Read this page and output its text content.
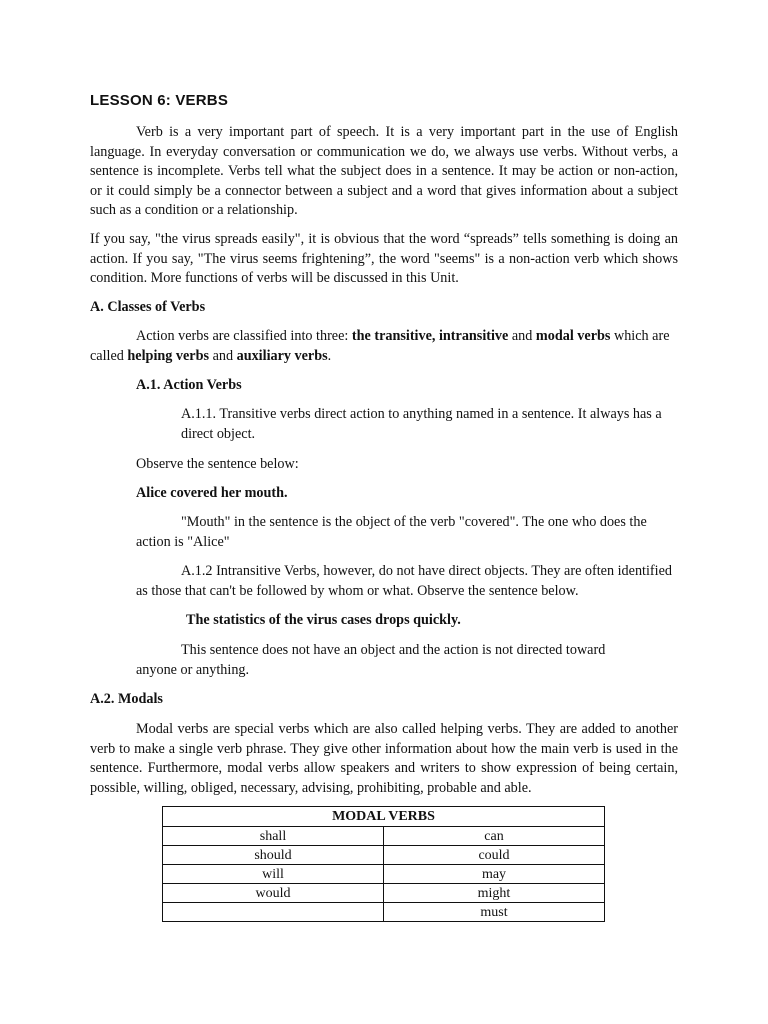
LESSON 6: VERBS

Verb is a very important part of speech. It is a very important part in the use of English language. In everyday conversation or communication we do, we always use verbs. Without verbs, a sentence is incomplete. Verbs tell what the subject does in a sentence. It may be action or non-action, or it could simply be a connector between a subject and a word that gives information about a subject such as a condition or a relationship.

If you say, "the virus spreads easily", it is obvious that the word “spreads” tells something is doing an action. If you say, "The virus seems frightening”, the word "seems" is a non-action verb which shows condition. More functions of verbs will be discussed in this Unit.

A. Classes of Verbs

Action verbs are classified into three: the transitive, intransitive and modal verbs which are called helping verbs and auxiliary verbs.

A.1. Action Verbs

A.1.1. Transitive verbs direct action to anything named in a sentence. It always has a direct object.

Observe the sentence below:

Alice covered her mouth.

"Mouth" in the sentence is the object of the verb "covered". The one who does the action is "Alice"

A.1.2 Intransitive Verbs, however, do not have direct objects. They are often identified as those that can't be followed by whom or what. Observe the sentence below.

The statistics of the virus cases drops quickly.

This sentence does not have an object and the action is not directed toward anyone or anything.

A.2. Modals

Modal verbs are special verbs which are also called helping verbs. They are added to another verb to make a single verb phrase. They give other information about how the main verb is used in the sentence. Furthermore, modal verbs allow speakers and writers to show expression of being certain, possible, willing, obliged, necessary, advising, prohibiting, probable and able.

MODAL VERBS	
shall	can
should	could
will	may
would	might
	must
